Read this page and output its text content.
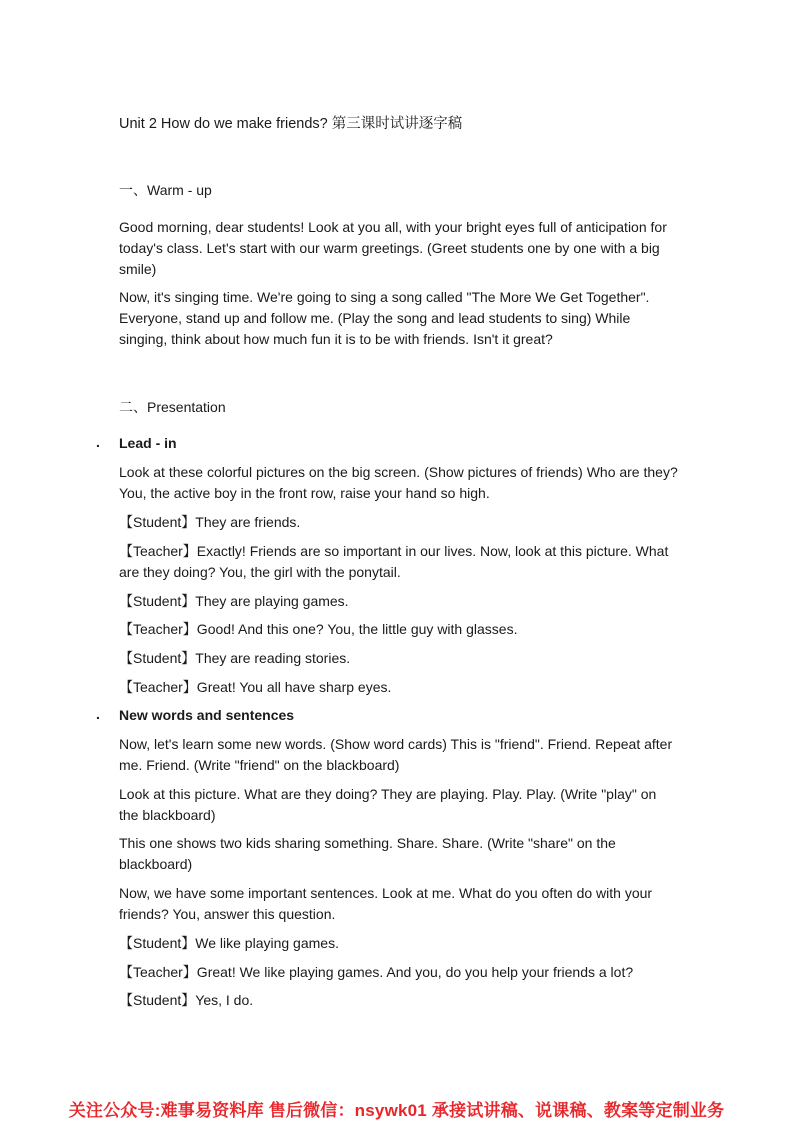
Unit 2 How do we make friends? 第三课时试讲逐字稿
一、Warm - up

Good morning, dear students! Look at you all, with your bright eyes full of anticipation for today's class. Let's start with our warm greetings. (Greet students one by one with a big smile)

Now, it's singing time. We're going to sing a song called "The More We Get Together". Everyone, stand up and follow me. (Play the song and lead students to sing) While singing, think about how much fun it is to be with friends. Isn't it great?

二、Presentation
. Lead - in

Look at these colorful pictures on the big screen. (Show pictures of friends) Who are they? You, the active boy in the front row, raise your hand so high.

【Student】They are friends.

【Teacher】Exactly! Friends are so important in our lives. Now, look at this picture. What are they doing? You, the girl with the ponytail.

【Student】They are playing games.

【Teacher】Good! And this one? You, the little guy with glasses.

【Student】They are reading stories.

【Teacher】Great! You all have sharp eyes.

. New words and sentences

Now, let's learn some new words. (Show word cards) This is "friend". Friend. Repeat after me. Friend. (Write "friend" on the blackboard)

Look at this picture. What are they doing? They are playing. Play. Play. (Write "play" on the blackboard)

This one shows two kids sharing something. Share. Share. (Write "share" on the blackboard)

Now, we have some important sentences. Look at me. What do you often do with your friends? You, answer this question.

【Student】We like playing games.

【Teacher】Great! We like playing games. And you, do you help your friends a lot?

【Student】Yes, I do.

关注公众号:难事易资料库 售后微信：nsywk01 承接试讲稿、说课稿、教案等定制业务
